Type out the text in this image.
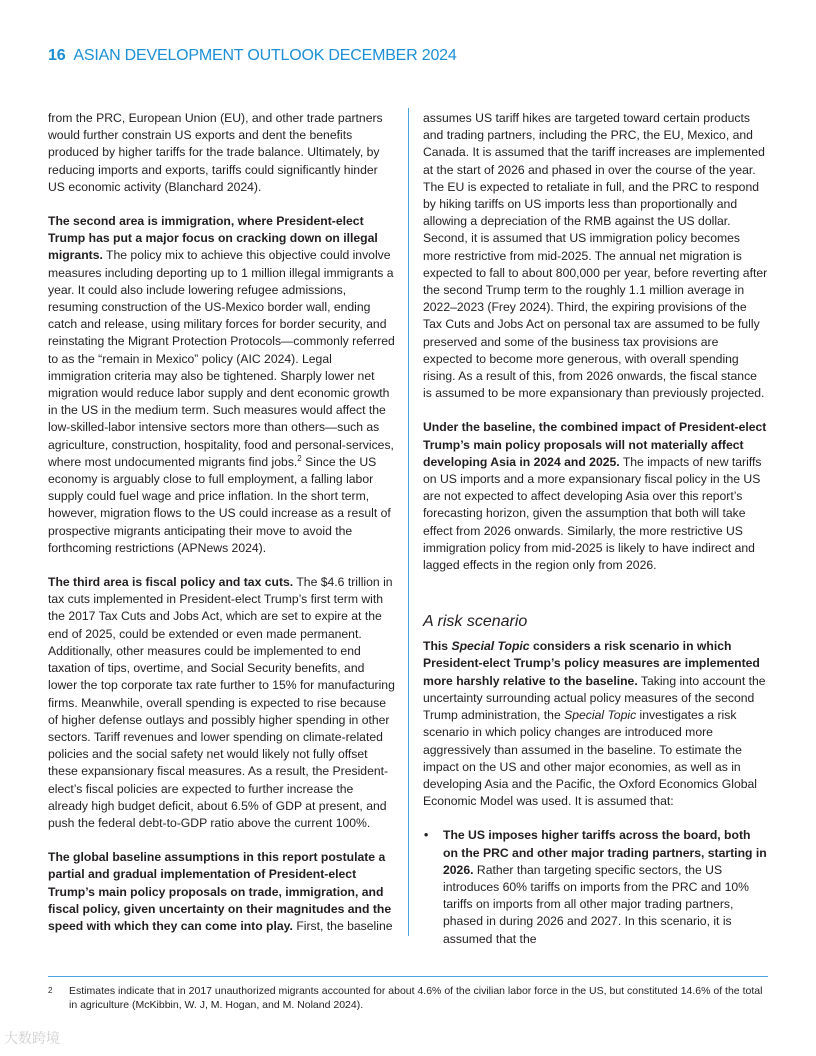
16 ASIAN DEVELOPMENT OUTLOOK DECEMBER 2024

from the PRC, European Union (EU), and other trade partners would further constrain US exports and dent the benefits produced by higher tariffs for the trade balance. Ultimately, by reducing imports and exports, tariffs could significantly hinder US economic activity (Blanchard 2024).

The second area is immigration, where President-elect Trump has put a major focus on cracking down on illegal migrants. The policy mix to achieve this objective could involve measures including deporting up to 1 million illegal immigrants a year. It could also include lowering refugee admissions, resuming construction of the US-Mexico border wall, ending catch and release, using military forces for border security, and reinstating the Migrant Protection Protocols—commonly referred to as the “remain in Mexico” policy (AIC 2024). Legal immigration criteria may also be tightened. Sharply lower net migration would reduce labor supply and dent economic growth in the US in the medium term. Such measures would affect the low-skilled-labor intensive sectors more than others—such as agriculture, construction, hospitality, food and personal-services, where most undocumented migrants find jobs.$^2$ Since the US economy is arguably close to full employment, a falling labor supply could fuel wage and price inflation. In the short term, however, migration flows to the US could increase as a result of prospective migrants anticipating their move to avoid the forthcoming restrictions (APNews 2024).

The third area is fiscal policy and tax cuts. The $4.6 trillion in tax cuts implemented in President-elect Trump’s first term with the 2017 Tax Cuts and Jobs Act, which are set to expire at the end of 2025, could be extended or even made permanent. Additionally, other measures could be implemented to end taxation of tips, overtime, and Social Security benefits, and lower the top corporate tax rate further to 15% for manufacturing firms. Meanwhile, overall spending is expected to rise because of higher defense outlays and possibly higher spending in other sectors. Tariff revenues and lower spending on climate-related policies and the social safety net would likely not fully offset these expansionary fiscal measures. As a result, the President-elect’s fiscal policies are expected to further increase the already high budget deficit, about 6.5% of GDP at present, and push the federal debt-to-GDP ratio above the current 100%.

The global baseline assumptions in this report postulate a partial and gradual implementation of President-elect Trump’s main policy proposals on trade, immigration, and fiscal policy, given uncertainty on their magnitudes and the speed with which they can come into play. First, the baseline

assumes US tariff hikes are targeted toward certain products and trading partners, including the PRC, the EU, Mexico, and Canada. It is assumed that the tariff increases are implemented at the start of 2026 and phased in over the course of the year. The EU is expected to retaliate in full, and the PRC to respond by hiking tariffs on US imports less than proportionally and allowing a depreciation of the RMB against the US dollar. Second, it is assumed that US immigration policy becomes more restrictive from mid-2025. The annual net migration is expected to fall to about 800,000 per year, before reverting after the second Trump term to the roughly 1.1 million average in 2022–2023 (Frey 2024). Third, the expiring provisions of the Tax Cuts and Jobs Act on personal tax are assumed to be fully preserved and some of the business tax provisions are expected to become more generous, with overall spending rising. As a result of this, from 2026 onwards, the fiscal stance is assumed to be more expansionary than previously projected.

Under the baseline, the combined impact of President-elect Trump’s main policy proposals will not materially affect developing Asia in 2024 and 2025. The impacts of new tariffs on US imports and a more expansionary fiscal policy in the US are not expected to affect developing Asia over this report’s forecasting horizon, given the assumption that both will take effect from 2026 onwards. Similarly, the more restrictive US immigration policy from mid-2025 is likely to have indirect and lagged effects in the region only from 2026.

A risk scenario

This Special Topic considers a risk scenario in which President-elect Trump’s policy measures are implemented more harshly relative to the baseline. Taking into account the uncertainty surrounding actual policy measures of the second Trump administration, the Special Topic investigates a risk scenario in which policy changes are introduced more aggressively than assumed in the baseline. To estimate the impact on the US and other major economies, as well as in developing Asia and the Pacific, the Oxford Economics Global Economic Model was used. It is assumed that:

• The US imposes higher tariffs across the board, both on the PRC and other major trading partners, starting in 2026. Rather than targeting specific sectors, the US introduces 60% tariffs on imports from the PRC and 10% tariffs on imports from all other major trading partners, phased in during 2026 and 2027. In this scenario, it is assumed that the
2	Estimates indicate that in 2017 unauthorized migrants accounted for about 4.6% of the civilian labor force in the US, but constituted 14.6% of the total in agriculture (McKibbin, W. J, M. Hogan, and M. Noland 2024).
大数跨境
